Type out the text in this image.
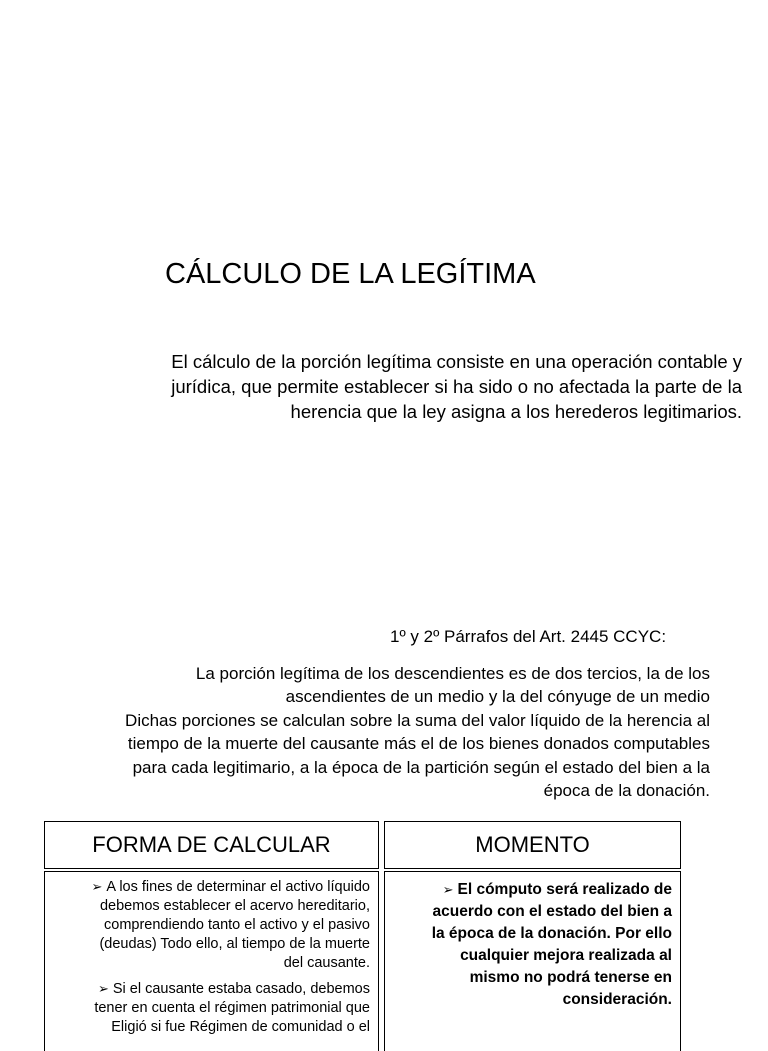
CÁLCULO DE LA LEGÍTIMA
El cálculo de la porción legítima consiste en una operación contable y
jurídica, que permite establecer si ha sido o no afectada la parte de la
herencia que la ley asigna a los herederos legitimarios.
1º y 2º Párrafos del Art. 2445 CCYC:
La porción legítima de los descendientes es de dos tercios, la de los
ascendientes de un medio y la del cónyuge de un medio
Dichas porciones se calculan sobre la suma del valor líquido de la herencia al
tiempo de la muerte del causante más el de los bienes donados computables
para cada legitimario, a la época de la partición según el estado del bien a la
época de la donación.
FORMA DE CALCULAR
➢ A los fines de determinar el activo líquido
debemos establecer el acervo hereditario,
comprendiendo tanto el activo y el pasivo
(deudas) Todo ello, al tiempo de la muerte
del causante.
➢ Si el causante estaba casado, debemos
tener en cuenta el régimen patrimonial que
Eligió si fue Régimen de comunidad o el
MOMENTO
➢ El cómputo será realizado de
acuerdo con el estado del bien a
la época de la donación. Por ello
cualquier mejora realizada al
mismo no podrá tenerse en
consideración.
